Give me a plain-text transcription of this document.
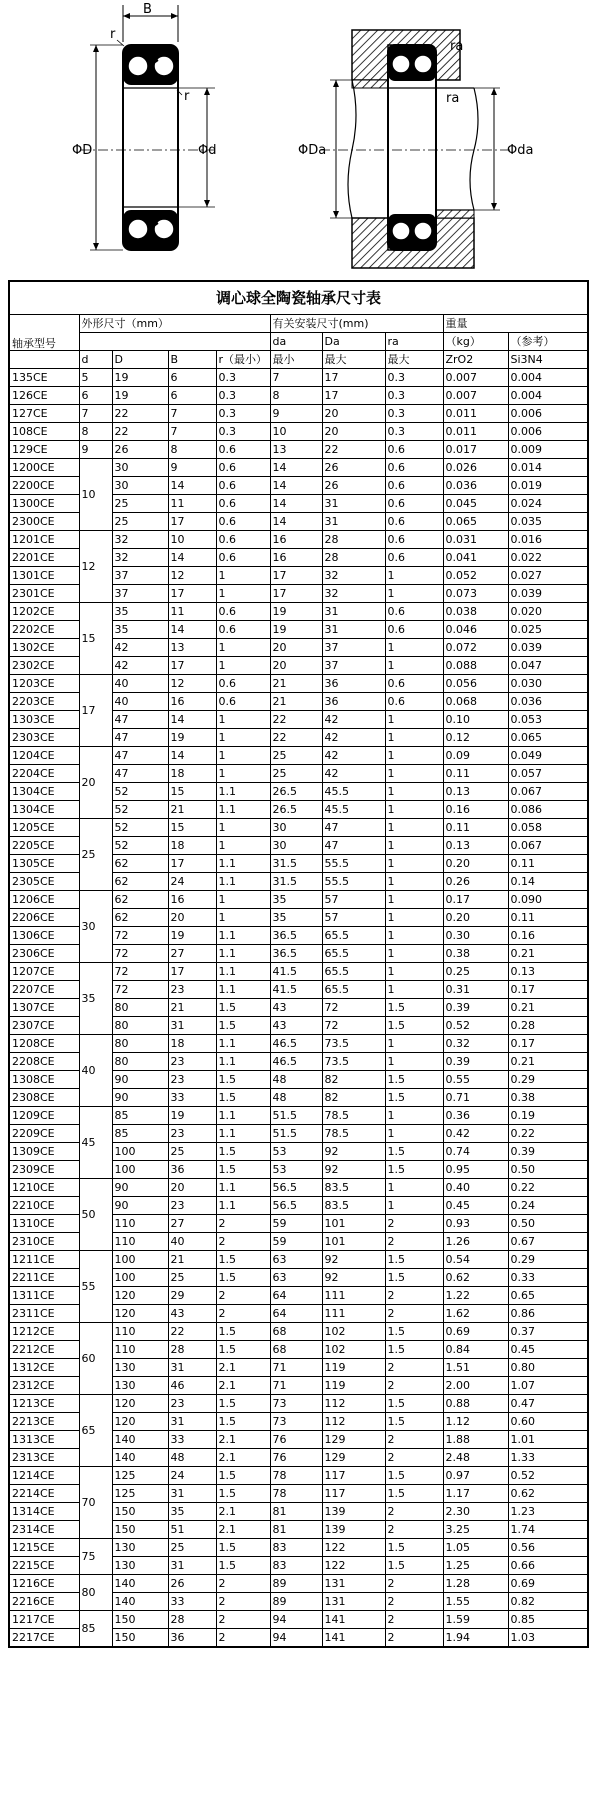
B
ΦD	Φd
r
r
ΦDa	Φda
ra
ra
调心球全陶瓷轴承尺寸表									
轴承型号	外形尺寸（mm）				有关安装尺寸(mm)			重量	
					da	Da	ra	（kg）	（参考）
	d	D	B	r（最小）	最小	最大	最大	ZrO2	Si3N4
135CE	5	19	6	0.3	7	17	0.3	0.007	0.004
126CE	6	19	6	0.3	8	17	0.3	0.007	0.004
127CE	7	22	7	0.3	9	20	0.3	0.011	0.006
108CE	8	22	7	0.3	10	20	0.3	0.011	0.006
129CE	9	26	8	0.6	13	22	0.6	0.017	0.009
1200CE	10	30	9	0.6	14	26	0.6	0.026	0.014
2200CE		30	14	0.6	14	26	0.6	0.036	0.019
1300CE		25	11	0.6	14	31	0.6	0.045	0.024
2300CE		25	17	0.6	14	31	0.6	0.065	0.035
1201CE	12	32	10	0.6	16	28	0.6	0.031	0.016
2201CE		32	14	0.6	16	28	0.6	0.041	0.022
1301CE		37	12	1	17	32	1	0.052	0.027
2301CE		37	17	1	17	32	1	0.073	0.039
1202CE	15	35	11	0.6	19	31	0.6	0.038	0.020
2202CE		35	14	0.6	19	31	0.6	0.046	0.025
1302CE		42	13	1	20	37	1	0.072	0.039
2302CE		42	17	1	20	37	1	0.088	0.047
1203CE	17	40	12	0.6	21	36	0.6	0.056	0.030
2203CE		40	16	0.6	21	36	0.6	0.068	0.036
1303CE		47	14	1	22	42	1	0.10	0.053
2303CE		47	19	1	22	42	1	0.12	0.065
1204CE	20	47	14	1	25	42	1	0.09	0.049
2204CE		47	18	1	25	42	1	0.11	0.057
1304CE		52	15	1.1	26.5	45.5	1	0.13	0.067
1304CE		52	21	1.1	26.5	45.5	1	0.16	0.086
1205CE	25	52	15	1	30	47	1	0.11	0.058
2205CE		52	18	1	30	47	1	0.13	0.067
1305CE		62	17	1.1	31.5	55.5	1	0.20	0.11
2305CE		62	24	1.1	31.5	55.5	1	0.26	0.14
1206CE	30	62	16	1	35	57	1	0.17	0.090
2206CE		62	20	1	35	57	1	0.20	0.11
1306CE		72	19	1.1	36.5	65.5	1	0.30	0.16
2306CE		72	27	1.1	36.5	65.5	1	0.38	0.21
1207CE	35	72	17	1.1	41.5	65.5	1	0.25	0.13
2207CE		72	23	1.1	41.5	65.5	1	0.31	0.17
1307CE		80	21	1.5	43	72	1.5	0.39	0.21
2307CE		80	31	1.5	43	72	1.5	0.52	0.28
1208CE	40	80	18	1.1	46.5	73.5	1	0.32	0.17
2208CE		80	23	1.1	46.5	73.5	1	0.39	0.21
1308CE		90	23	1.5	48	82	1.5	0.55	0.29
2308CE		90	33	1.5	48	82	1.5	0.71	0.38
1209CE	45	85	19	1.1	51.5	78.5	1	0.36	0.19
2209CE		85	23	1.1	51.5	78.5	1	0.42	0.22
1309CE		100	25	1.5	53	92	1.5	0.74	0.39
2309CE		100	36	1.5	53	92	1.5	0.95	0.50
1210CE	50	90	20	1.1	56.5	83.5	1	0.40	0.22
2210CE		90	23	1.1	56.5	83.5	1	0.45	0.24
1310CE		110	27	2	59	101	2	0.93	0.50
2310CE		110	40	2	59	101	2	1.26	0.67
1211CE	55	100	21	1.5	63	92	1.5	0.54	0.29
2211CE		100	25	1.5	63	92	1.5	0.62	0.33
1311CE		120	29	2	64	111	2	1.22	0.65
2311CE		120	43	2	64	111	2	1.62	0.86
1212CE	60	110	22	1.5	68	102	1.5	0.69	0.37
2212CE		110	28	1.5	68	102	1.5	0.84	0.45
1312CE		130	31	2.1	71	119	2	1.51	0.80
2312CE		130	46	2.1	71	119	2	2.00	1.07
1213CE	65	120	23	1.5	73	112	1.5	0.88	0.47
2213CE		120	31	1.5	73	112	1.5	1.12	0.60
1313CE		140	33	2.1	76	129	2	1.88	1.01
2313CE		140	48	2.1	76	129	2	2.48	1.33
1214CE	70	125	24	1.5	78	117	1.5	0.97	0.52
2214CE		125	31	1.5	78	117	1.5	1.17	0.62
1314CE		150	35	2.1	81	139	2	2.30	1.23
2314CE		150	51	2.1	81	139	2	3.25	1.74
1215CE	75	130	25	1.5	83	122	1.5	1.05	0.56
2215CE		130	31	1.5	83	122	1.5	1.25	0.66
1216CE	80	140	26	2	89	131	2	1.28	0.69
2216CE		140	33	2	89	131	2	1.55	0.82
1217CE	85	150	28	2	94	141	2	1.59	0.85
2217CE		150	36	2	94	141	2	1.94	1.03
